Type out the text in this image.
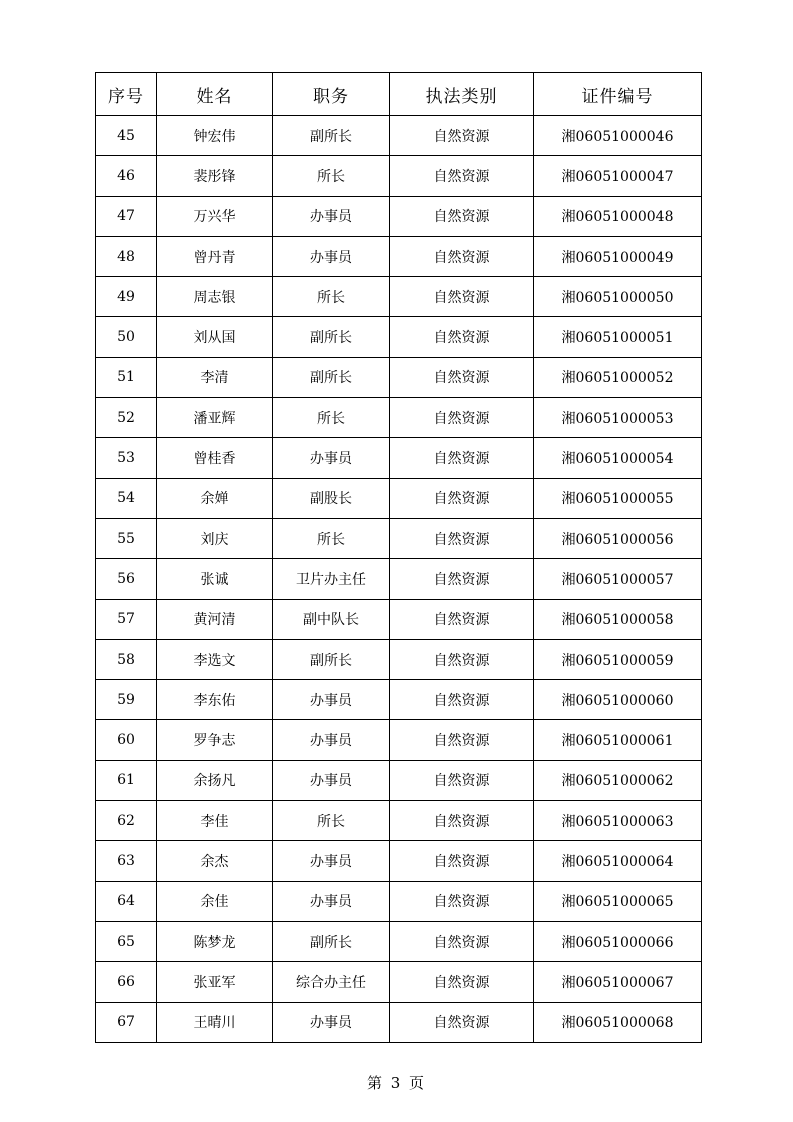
序号	姓名	职务	执法类别	证件编号
45	钟宏伟	副所长	自然资源	湘06051000046
46	裴彤锋	所长	自然资源	湘06051000047
47	万兴华	办事员	自然资源	湘06051000048
48	曾丹青	办事员	自然资源	湘06051000049
49	周志银	所长	自然资源	湘06051000050
50	刘从国	副所长	自然资源	湘06051000051
51	李清	副所长	自然资源	湘06051000052
52	潘亚辉	所长	自然资源	湘06051000053
53	曾桂香	办事员	自然资源	湘06051000054
54	余婵	副股长	自然资源	湘06051000055
55	刘庆	所长	自然资源	湘06051000056
56	张诚	卫片办主任	自然资源	湘06051000057
57	黄河清	副中队长	自然资源	湘06051000058
58	李选文	副所长	自然资源	湘06051000059
59	李东佑	办事员	自然资源	湘06051000060
60	罗争志	办事员	自然资源	湘06051000061
61	余扬凡	办事员	自然资源	湘06051000062
62	李佳	所长	自然资源	湘06051000063
63	余杰	办事员	自然资源	湘06051000064
64	余佳	办事员	自然资源	湘06051000065
65	陈梦龙	副所长	自然资源	湘06051000066
66	张亚军	综合办主任	自然资源	湘06051000067
67	王晴川	办事员	自然资源	湘06051000068
第 3 页
